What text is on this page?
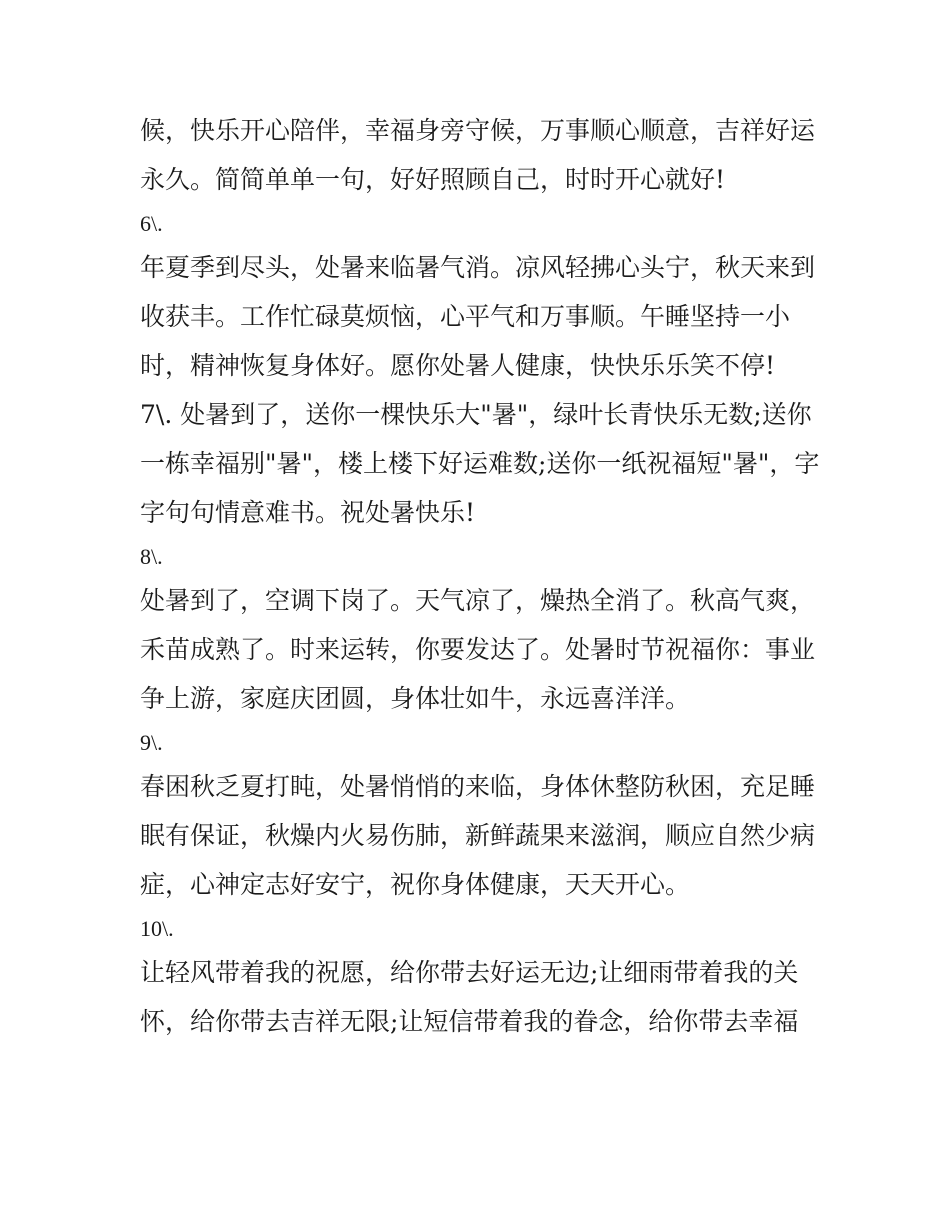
候，快乐开心陪伴，幸福身旁守候，万事顺心顺意，吉祥好运
永久。简简单单一句，好好照顾自己，时时开心就好!
6\.
年夏季到尽头，处暑来临暑气消。凉风轻拂心头宁，秋天来到
收获丰。工作忙碌莫烦恼，心平气和万事顺。午睡坚持一小
时，精神恢复身体好。愿你处暑人健康，快快乐乐笑不停!
7\. 处暑到了，送你一棵快乐大"暑"，绿叶长青快乐无数;送你
一栋幸福别"暑"，楼上楼下好运难数;送你一纸祝福短"暑"，字
字句句情意难书。祝处暑快乐!
8\.
处暑到了，空调下岗了。天气凉了，燥热全消了。秋高气爽，
禾苗成熟了。时来运转，你要发达了。处暑时节祝福你：事业
争上游，家庭庆团圆，身体壮如牛，永远喜洋洋。
9\.
春困秋乏夏打盹，处暑悄悄的来临，身体休整防秋困，充足睡
眠有保证，秋燥内火易伤肺，新鲜蔬果来滋润，顺应自然少病
症，心神定志好安宁，祝你身体健康，天天开心。
10\.
让轻风带着我的祝愿，给你带去好运无边;让细雨带着我的关
怀，给你带去吉祥无限;让短信带着我的眷念，给你带去幸福
